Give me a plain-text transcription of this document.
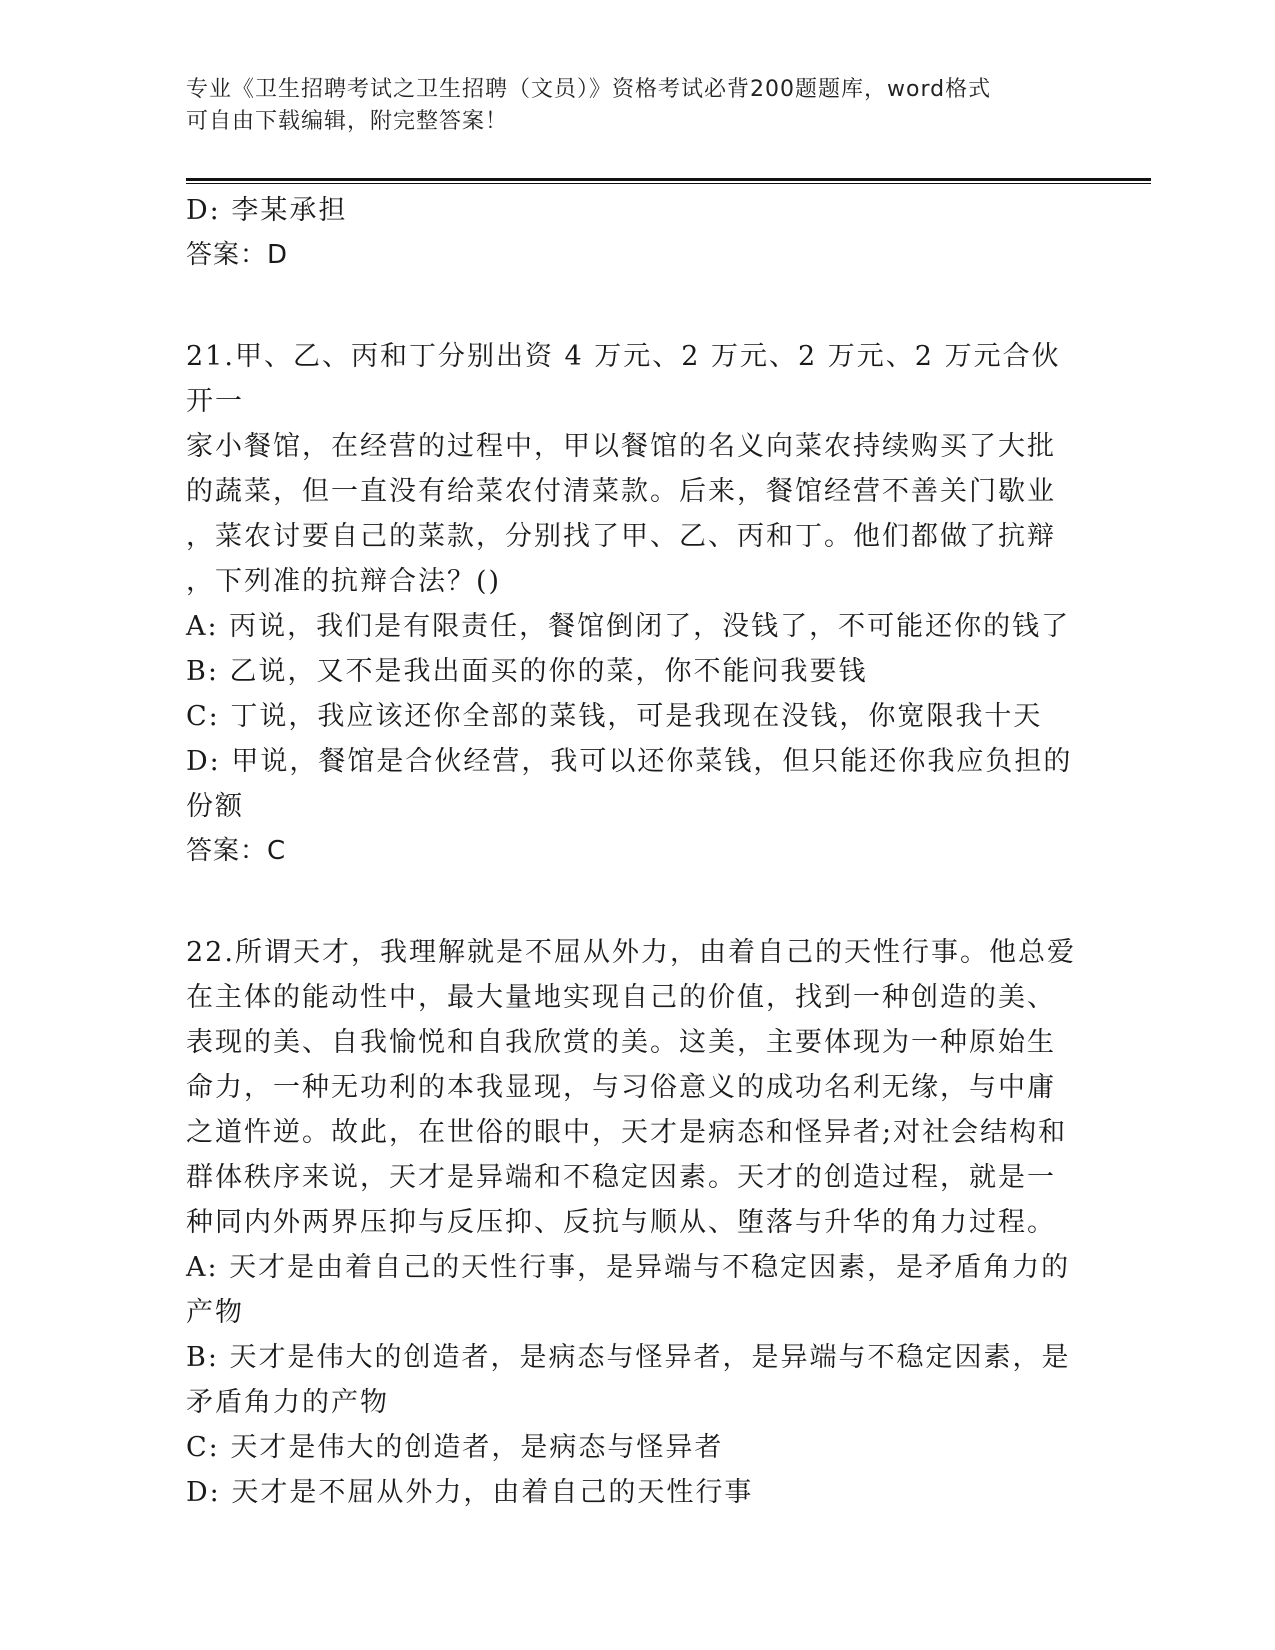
专业《卫生招聘考试之卫生招聘（文员）》资格考试必背200题题库，word格式
可自由下载编辑，附完整答案！
D: 李某承担
答案：D
21.甲、乙、丙和丁分别出资 4 万元、2 万元、2 万元、2 万元合伙开一
家小餐馆，在经营的过程中，甲以餐馆的名义向菜农持续购买了大批
的蔬菜，但一直没有给菜农付清菜款。后来，餐馆经营不善关门歇业
，菜农讨要自己的菜款，分别找了甲、乙、丙和丁。他们都做了抗辩
，下列准的抗辩合法？()
A: 丙说，我们是有限责任，餐馆倒闭了，没钱了，不可能还你的钱了
B: 乙说，又不是我出面买的你的菜，你不能问我要钱
C: 丁说，我应该还你全部的菜钱，可是我现在没钱，你宽限我十天
D: 甲说，餐馆是合伙经营，我可以还你菜钱，但只能还你我应负担的
份额
答案：C
22.所谓天才，我理解就是不屈从外力，由着自己的天性行事。他总爱
在主体的能动性中，最大量地实现自己的价值，找到一种创造的美、
表现的美、自我愉悦和自我欣赏的美。这美，主要体现为一种原始生
命力，一种无功利的本我显现，与习俗意义的成功名利无缘，与中庸
之道忤逆。故此，在世俗的眼中，天才是病态和怪异者;对社会结构和
群体秩序来说，天才是异端和不稳定因素。天才的创造过程，就是一
种同内外两界压抑与反压抑、反抗与顺从、堕落与升华的角力过程。
A: 天才是由着自己的天性行事，是异端与不稳定因素，是矛盾角力的
产物
B: 天才是伟大的创造者，是病态与怪异者，是异端与不稳定因素，是
矛盾角力的产物
C: 天才是伟大的创造者，是病态与怪异者
D: 天才是不屈从外力，由着自己的天性行事
